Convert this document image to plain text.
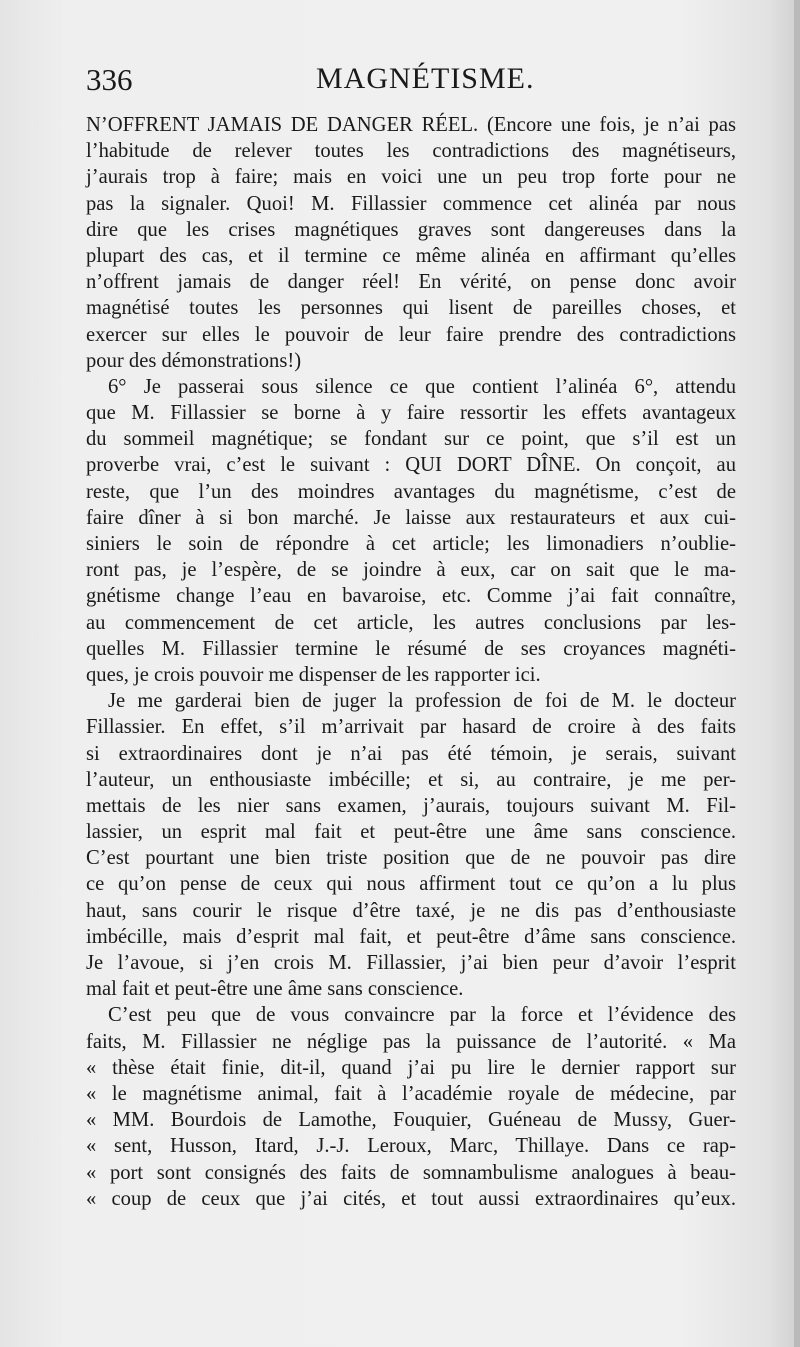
336	MAGNÉTISME.
N’OFFRENT JAMAIS DE DANGER RÉEL. (Encore une fois, je n’ai pas
l’habitude de relever toutes les contradictions des magnétiseurs,
j’aurais trop à faire; mais en voici une un peu trop forte pour ne
pas la signaler. Quoi! M. Fillassier commence cet alinéa par nous
dire que les crises magnétiques graves sont dangereuses dans la
plupart des cas, et il termine ce même alinéa en affirmant qu’elles
n’offrent jamais de danger réel! En vérité, on pense donc avoir
magnétisé toutes les personnes qui lisent de pareilles choses, et
exercer sur elles le pouvoir de leur faire prendre des contradictions
pour des démonstrations!)
6° Je passerai sous silence ce que contient l’alinéa 6°, attendu
que M. Fillassier se borne à y faire ressortir les effets avantageux
du sommeil magnétique; se fondant sur ce point, que s’il est un
proverbe vrai, c’est le suivant : QUI DORT DÎNE. On conçoit, au
reste, que l’un des moindres avantages du magnétisme, c’est de
faire dîner à si bon marché. Je laisse aux restaurateurs et aux cui-
siniers le soin de répondre à cet article; les limonadiers n’oublie-
ront pas, je l’espère, de se joindre à eux, car on sait que le ma-
gnétisme change l’eau en bavaroise, etc. Comme j’ai fait connaître,
au commencement de cet article, les autres conclusions par les-
quelles M. Fillassier termine le résumé de ses croyances magnéti-
ques, je crois pouvoir me dispenser de les rapporter ici.
Je me garderai bien de juger la profession de foi de M. le docteur
Fillassier. En effet, s’il m’arrivait par hasard de croire à des faits
si extraordinaires dont je n’ai pas été témoin, je serais, suivant
l’auteur, un enthousiaste imbécille; et si, au contraire, je me per-
mettais de les nier sans examen, j’aurais, toujours suivant M. Fil-
lassier, un esprit mal fait et peut-être une âme sans conscience.
C’est pourtant une bien triste position que de ne pouvoir pas dire
ce qu’on pense de ceux qui nous affirment tout ce qu’on a lu plus
haut, sans courir le risque d’être taxé, je ne dis pas d’enthousiaste
imbécille, mais d’esprit mal fait, et peut-être d’âme sans conscience.
Je l’avoue, si j’en crois M. Fillassier, j’ai bien peur d’avoir l’esprit
mal fait et peut-être une âme sans conscience.
C’est peu que de vous convaincre par la force et l’évidence des
faits, M. Fillassier ne néglige pas la puissance de l’autorité. « Ma
« thèse était finie, dit-il, quand j’ai pu lire le dernier rapport sur
« le magnétisme animal, fait à l’académie royale de médecine, par
« MM. Bourdois de Lamothe, Fouquier, Guéneau de Mussy, Guer-
« sent, Husson, Itard, J.-J. Leroux, Marc, Thillaye. Dans ce rap-
« port sont consignés des faits de somnambulisme analogues à beau-
« coup de ceux que j’ai cités, et tout aussi extraordinaires qu’eux.
